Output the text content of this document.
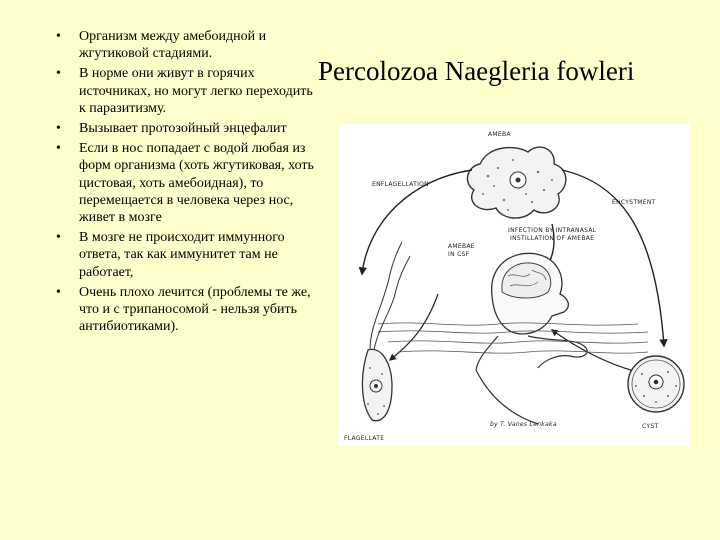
• Организм между амебоидной и жгутиковой стадиями.
• В норме они живут в горячих источниках, но могут легко переходить к паразитизму.
• Вызывает протозойный энцефалит
• Если в нос попадает с водой любая из форм организма (хоть жгутиковая, хоть цистовая, хоть амебоидная), то перемещается в человека через нос, живет в мозге
• В мозге не происходит иммунного ответа, так как иммунитет там не работает,
• Очень плохо лечится (проблемы те же, что и с трипаносомой - нельзя убить антибиотиками).
Percolozoa Naegleria fowleri
AMEBA
ENFLAGELLATION
ENCYSTMENT
INFECTION BY INTRANASAL
INSTILLATION OF AMEBAE
AMEBAE
IN CSF
FLAGELLATE
CYST
by T. Vanes Lenkaka
